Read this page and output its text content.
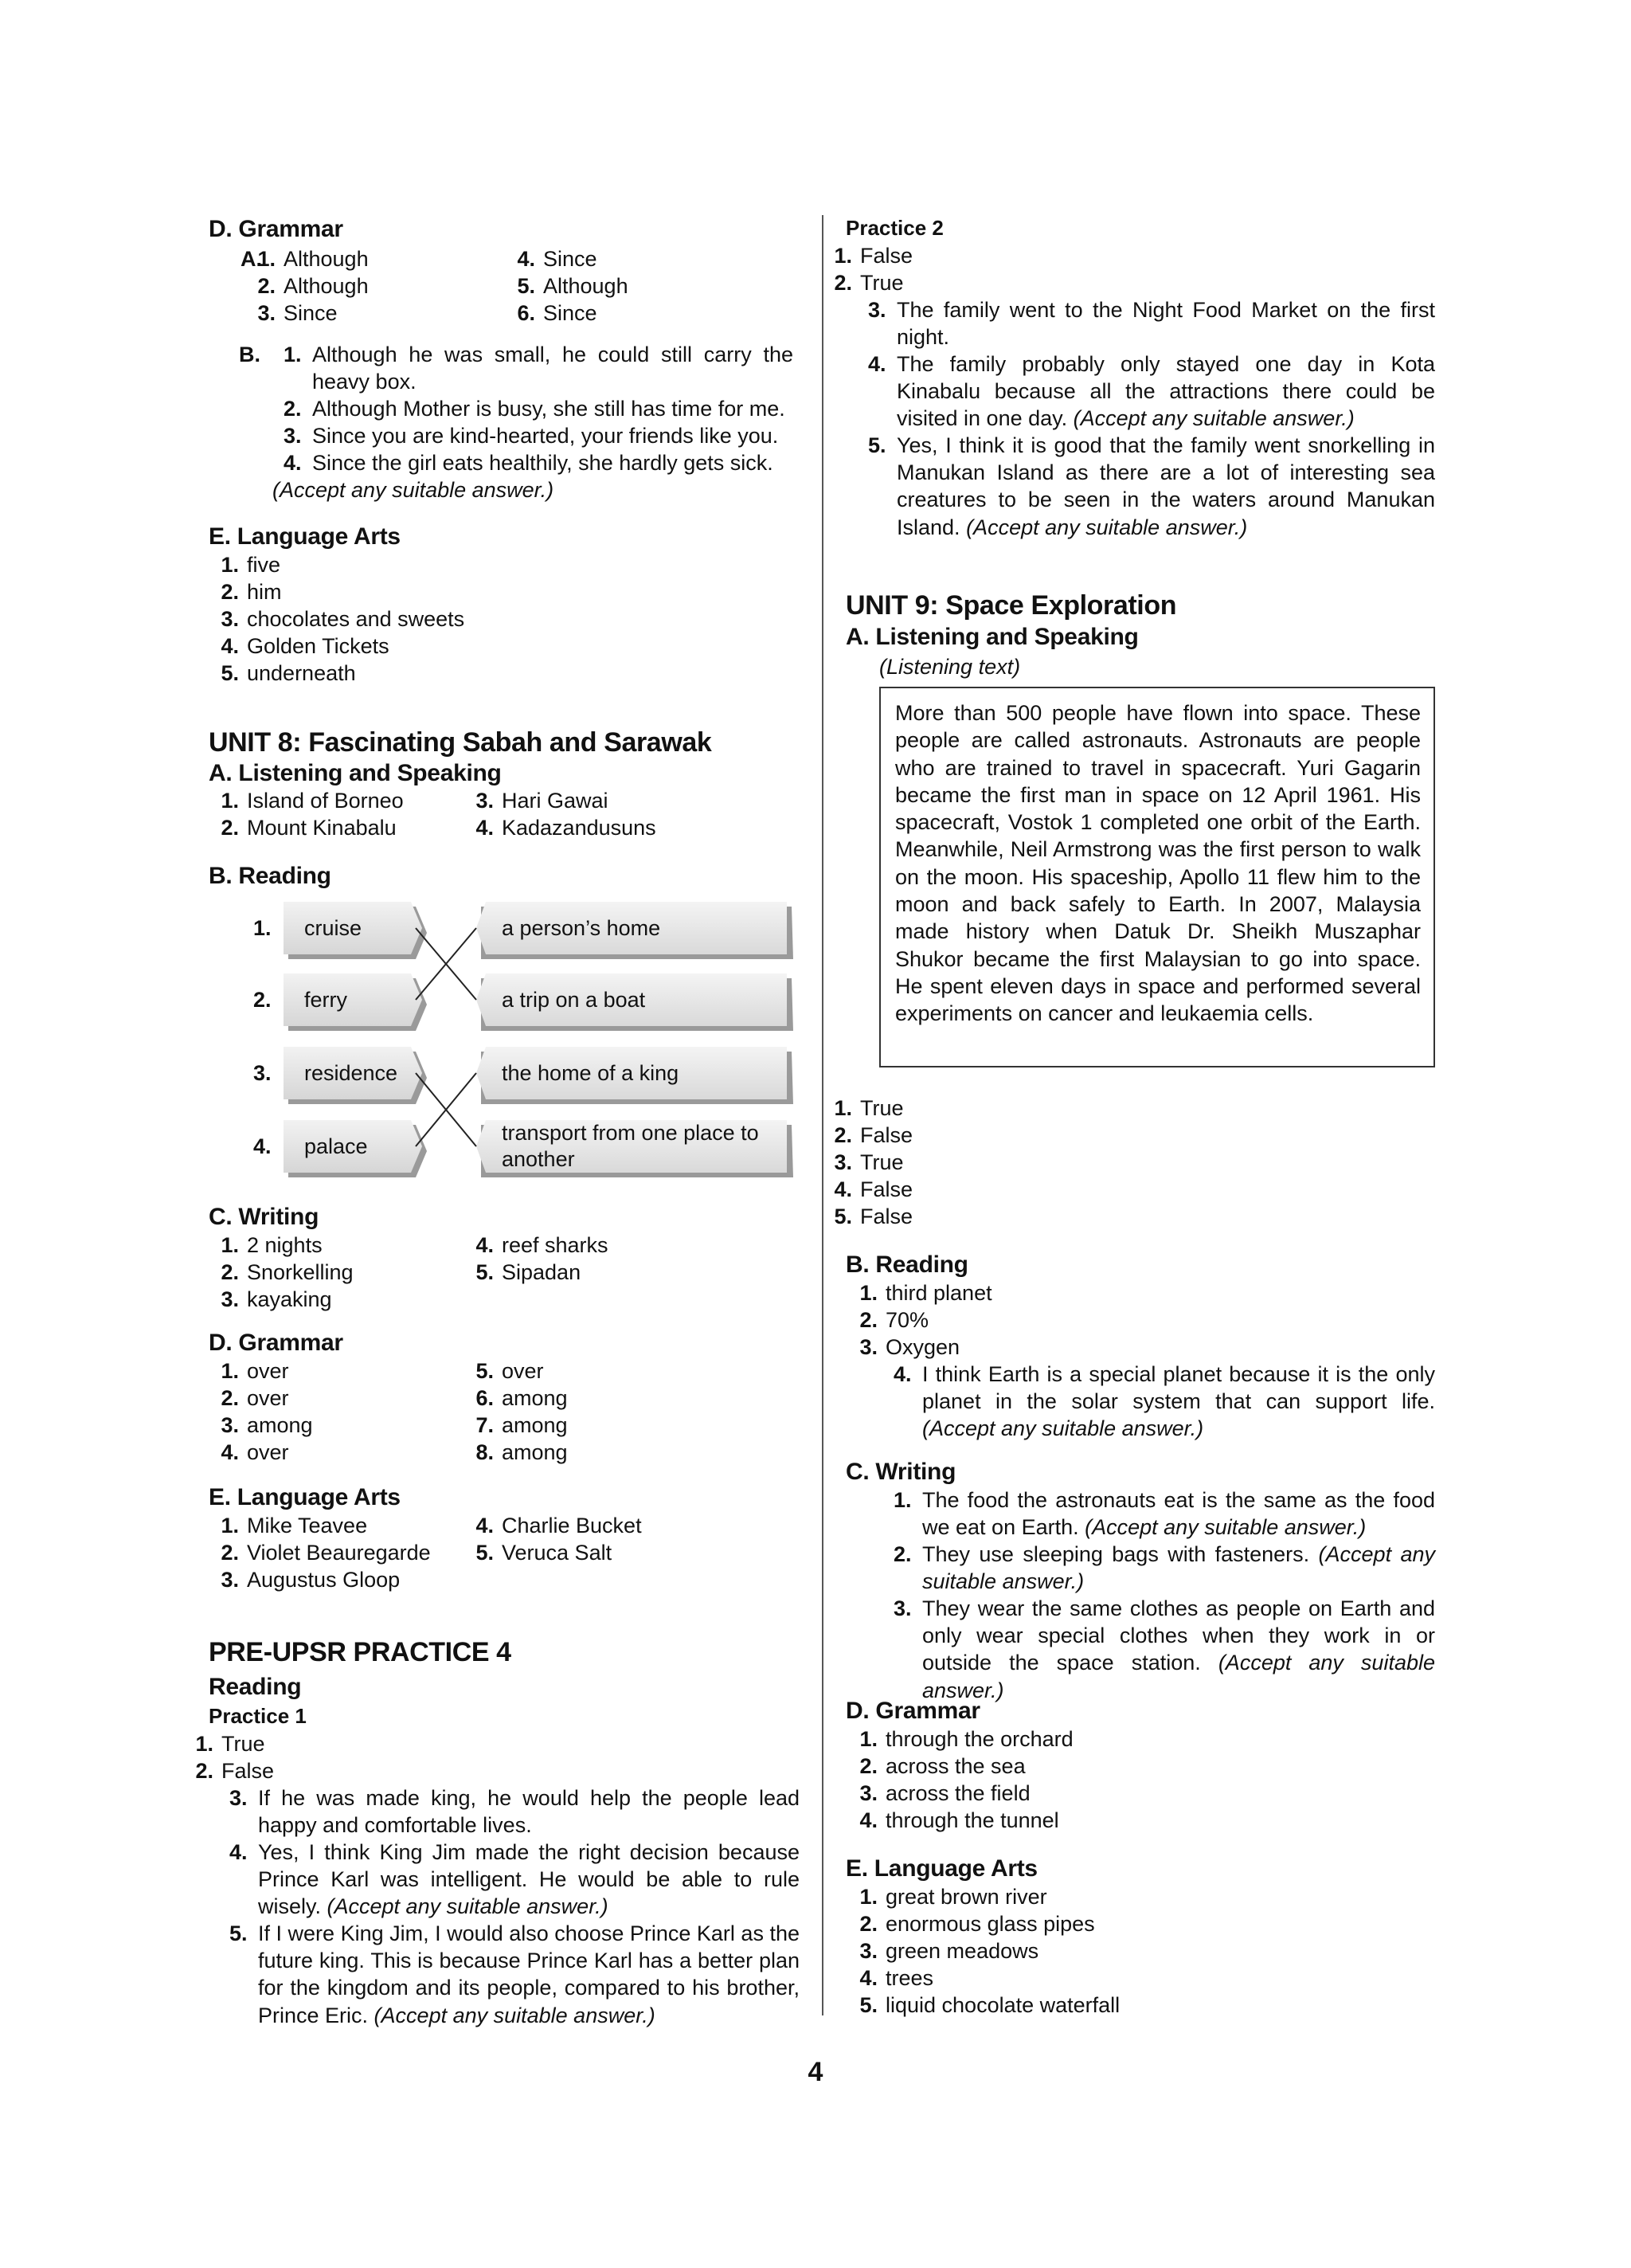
D. Grammar
A.
1. Although
2. Although
3. Since
4. Since
5. Although
6. Since
B. 1. Although he was small, he could still carry the heavy box.
2. Although Mother is busy, she still has time for me.
3. Since you are kind-hearted, your friends like you.
4. Since the girl eats healthily, she hardly gets sick.
(Accept any suitable answer.)
E. Language Arts
1. five
2. him
3. chocolates and sweets
4. Golden Tickets
5. underneath
UNIT 8: Fascinating Sabah and Sarawak
A. Listening and Speaking
1. Island of Borneo
2. Mount Kinabalu
3. Hari Gawai
4. Kadazandusuns
B. Reading
1.
2.
3.
4.
cruise
ferry
residence
palace
a person’s home
a trip on a boat
the home of a king
transport from one place to another
C. Writing
1. 2 nights
2. Snorkelling
3. kayaking
4. reef sharks
5. Sipadan
D. Grammar
1. over
2. over
3. among
4. over
5. over
6. among
7. among
8. among
E. Language Arts
1. Mike Teavee
2. Violet Beauregarde
3. Augustus Gloop
4. Charlie Bucket
5. Veruca Salt
PRE-UPSR PRACTICE 4
Reading
Practice 1
1. True
2. False
3. If he was made king, he would help the people lead happy and comfortable lives.
4. Yes, I think King Jim made the right decision because Prince Karl was intelligent. He would be able to rule wisely. (Accept any suitable answer.)
5. If I were King Jim, I would also choose Prince Karl as the future king. This is because Prince Karl has a better plan for the kingdom and its people, compared to his brother, Prince Eric. (Accept any suitable answer.)
Practice 2
1. False
2. True
3. The family went to the Night Food Market on the first night.
4. The family probably only stayed one day in Kota Kinabalu because all the attractions there could be visited in one day. (Accept any suitable answer.)
5. Yes, I think it is good that the family went snorkelling in Manukan Island as there are a lot of interesting sea creatures to be seen in the waters around Manukan Island. (Accept any suitable answer.)
UNIT 9: Space Exploration
A. Listening and Speaking
(Listening text)
More than 500 people have flown into space. These people are called astronauts. Astronauts are people who are trained to travel in spacecraft. Yuri Gagarin became the first man in space on 12 April 1961. His spacecraft, Vostok 1 completed one orbit of the Earth. Meanwhile, Neil Armstrong was the first person to walk on the moon. His spaceship, Apollo 11 flew him to the moon and back safely to Earth. In 2007, Malaysia made history when Datuk Dr. Sheikh Muszaphar Shukor became the first Malaysian to go into space. He spent eleven days in space and performed several experiments on cancer and leukaemia cells.
1. True
2. False
3. True
4. False
5. False
B. Reading
1. third planet
2. 70%
3. Oxygen
4. I think Earth is a special planet because it is the only planet in the solar system that can support life. (Accept any suitable answer.)
C. Writing
1. The food the astronauts eat is the same as the food we eat on Earth. (Accept any suitable answer.)
2. They use sleeping bags with fasteners. (Accept any suitable answer.)
3. They wear the same clothes as people on Earth and only wear special clothes when they work in or outside the space station. (Accept any suitable answer.)
D. Grammar
1. through the orchard
2. across the sea
3. across the field
4. through the tunnel
E. Language Arts
1. great brown river
2. enormous glass pipes
3. green meadows
4. trees
5. liquid chocolate waterfall
4
